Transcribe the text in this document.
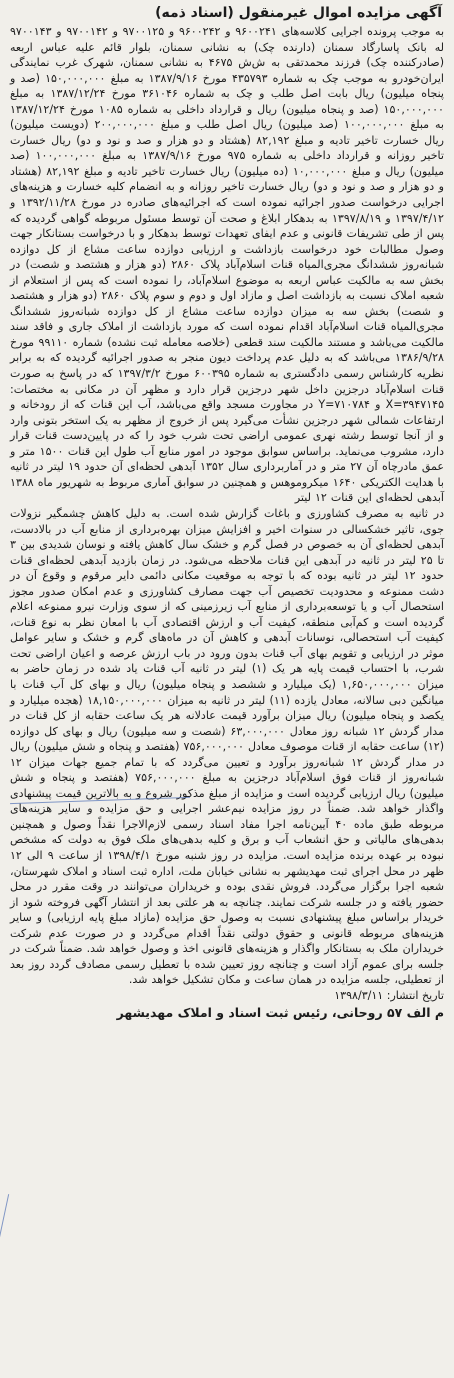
آگهی مزایده اموال غیرمنقول (اسناد ذمه)

به موجب پرونده اجرایی کلاسه‌های ۹۶۰۰۲۴۱ و ۹۶۰۰۲۴۲ و ۹۷۰۰۱۲۵ و ۹۷۰۰۱۴۲ و ۹۷۰۰۱۴۳ له بانک پاسارگاد سمنان (دارنده چک) به نشانی سمنان، بلوار قائم علیه عباس اربعه (صادرکننده چک) فرزند محمدتقی به ش‌ش ۴۶۷۵ به نشانی سمنان، شهرک غرب نمایندگی ایران‌خودرو به موجب چک به شماره ۴۳۵۷۹۳ مورخ ۱۳۸۷/۹/۱۶ به مبلغ ۱۵۰,۰۰۰,۰۰۰ (صد و پنجاه میلیون) ریال بابت اصل طلب و چک به شماره ۳۶۱۰۴۶ مورخ ۱۳۸۷/۱۲/۲۴ به مبلغ ۱۵۰,۰۰۰,۰۰۰ (صد و پنجاه میلیون) ریال و قرارداد داخلی به شماره ۱۰۸۵ مورخ ۱۳۸۷/۱۲/۲۴ به مبلغ ۱۰۰,۰۰۰,۰۰۰ (صد میلیون) ریال اصل طلب و مبلغ ۲۰۰,۰۰۰,۰۰۰ (دویست میلیون) ریال خسارت تاخیر تادیه و مبلغ ۸۲,۱۹۲ (هشتاد و دو هزار و صد و نود و دو) ریال خسارت تاخیر روزانه و قرارداد داخلی به شماره ۹۷۵ مورخ ۱۳۸۷/۹/۱۶ به مبلغ ۱۰۰,۰۰۰,۰۰۰ (صد میلیون) ریال و مبلغ ۱۰,۰۰۰,۰۰۰ (ده میلیون) ریال خسارت تاخیر تادیه و مبلغ ۸۲,۱۹۲ (هشتاد و دو هزار و صد و نود و دو) ریال خسارت تاخیر روزانه و به انضمام کلیه خسارت و هزینه‌های اجرایی درخواست صدور اجرائیه نموده است که اجرائیه‌های صادره در مورخ ۱۳۹۲/۱۱/۲۸ و ۱۳۹۷/۴/۱۲ و ۱۳۹۷/۸/۱۹ به بدهکار ابلاغ و صحت آن توسط مسئول مربوطه گواهی گردیده که پس از طی تشریفات قانونی و عدم ایفای تعهدات توسط بدهکار و با درخواست بستانکار جهت وصول مطالبات خود درخواست بازداشت و ارزیابی دوازده ساعت مشاع از کل دوازده شبانه‌روز ششدانگ مجری‌المیاه قنات اسلام‌آباد پلاک ۲۸۶۰ (دو هزار و هشتصد و شصت) در بخش سه به مالکیت عباس اربعه به موضوع اسلام‌آباد، را نموده است که پس از استعلام از شعبه املاک نسبت به بازداشت اصل و مازاد اول و دوم و سوم پلاک ۲۸۶۰ (دو هزار و هشتصد و شصت) بخش سه به میزان دوازده ساعت مشاع از کل دوازده شبانه‌روز ششدانگ مجری‌المیاه قنات اسلام‌آباد اقدام نموده است که مورد بازداشت از املاک جاری و فاقد سند مالکیت می‌باشد و مستند مالکیت سند قطعی (خلاصه معامله ثبت نشده) شماره ۹۹۱۱۰ مورخ ۱۳۸۶/۹/۲۸ می‌باشد که به دلیل عدم پرداخت دیون منجر به صدور اجرائیه گردیده که به برابر نظریه کارشناس رسمی دادگستری به شماره ۶۰۰۳۹۵ مورخ ۱۳۹۷/۳/۲ که در پاسخ به صورت قنات اسلام‌آباد درجزین داخل شهر درجزین قرار دارد و مظهر آن در مکانی به مختصات: X=۳۹۴۷۱۴۵ و Y=۷۱۰۷۸۴ در مجاورت مسجد واقع می‌باشد، آب این قنات که از رودخانه و ارتفاعات شمالی شهر درجزین نشأت می‌گیرد پس از خروج از مظهر به یک استخر بتونی وارد و از آنجا توسط رشته نهری عمومی اراضی تحت شرب خود را که در پایین‌دست قنات قرار دارد، مشروب می‌نماید. براساس سوابق موجود در امور منابع آب طول این قنات ۱۵۰۰ متر و عمق مادرچاه آن ۲۷ متر و در آماربرداری سال ۱۳۵۲ آبدهی لحظه‌ای آن حدود ۱۹ لیتر در ثانیه با هدایت الکتریکی ۱۶۴۰ میکروموهس و همچنین در سوابق آماری مربوط به شهریور ماه ۱۳۸۸ آبدهی لحظه‌ای این قنات ۱۲ لیتر

در ثانیه به مصرف کشاورزی و باغات گزارش شده است. به دلیل کاهش چشمگیر نزولات جوی، تاثیر خشکسالی در سنوات اخیر و افزایش میزان بهره‌برداری از منابع آب در بالادست، آبدهی لحظه‌ای آن به خصوص در فصل گرم و خشک سال کاهش یافته و نوسان شدیدی بین ۳ تا ۲۵ لیتر در ثانیه در آبدهی این قنات ملاحظه می‌شود. در زمان بازدید آبدهی لحظه‌ای قنات حدود ۱۲ لیتر در ثانیه بوده که با توجه به موقعیت مکانی دائمی دایر مرقوم و وقوع آن در دشت ممنوعه و محدودیت تخصیص آب جهت مصارف کشاورزی و عدم امکان صدور مجوز استحصال آب و یا توسعه‌برداری از منابع آب زیرزمینی که از سوی وزارت نیرو ممنوعه اعلام گردیده است و کم‌آبی منطقه، کیفیت آب و ارزش اقتصادی آب با امعان نظر به نوع قنات، کیفیت آب استحصالی، نوسانات آبدهی و کاهش آن در ماه‌های گرم و خشک و سایر عوامل موثر در ارزیابی و تقویم بهای آب قنات بدون ورود در باب ارزش عرصه و اعیان اراضی تحت شرب، با احتساب قیمت پایه هر یک (۱) لیتر در ثانیه آب قنات یاد شده در زمان حاضر به میزان ۱,۶۵۰,۰۰۰,۰۰۰ (یک میلیارد و ششصد و پنجاه میلیون) ریال و بهای کل آب قنات با میانگین دبی سالانه، معادل یازده (۱۱) لیتر در ثانیه به میزان ۱۸,۱۵۰,۰۰۰,۰۰۰ (هجده میلیارد و یکصد و پنجاه میلیون) ریال میزان برآورد قیمت عادلانه هر یک ساعت حقابه از کل قنات در مدار گردش ۱۲ شبانه روز معادل ۶۳,۰۰۰,۰۰۰ (شصت و سه میلیون) ریال و بهای کل دوازده (۱۲) ساعت حقابه از قنات موصوف معادل ۷۵۶,۰۰۰,۰۰۰ (هفتصد و پنجاه و شش میلیون) ریال در مدار گردش ۱۲ شبانه‌روز برآورد و تعیین می‌گردد که با تمام جمیع جهات میزان ۱۲ شبانه‌روز از قنات فوق اسلام‌آباد درجزین به مبلغ ۷۵۶,۰۰۰,۰۰۰ (هفتصد و پنجاه و شش میلیون) ریال ارزیابی گردیده است و مزایده از مبلغ مذکور شروع و به بالاترین قیمت پیشنهادی واگذار خواهد شد. ضمناً در روز مزایده نیم‌عشر اجرایی و حق مزایده و سایر هزینه‌های مربوطه طبق ماده ۴۰ آیین‌نامه اجرا مفاد اسناد رسمی لازم‌الاجرا نقداً وصول و همچنین بدهی‌های مالیاتی و حق انشعاب آب و برق و کلیه بدهی‌های ملک فوق به دولت که مشخص نبوده بر عهده برنده مزایده است. مزایده در روز شنبه مورخ ۱۳۹۸/۴/۱ از ساعت ۹ الی ۱۲ ظهر در محل اجرای ثبت مهدیشهر به نشانی خیابان ملت، اداره ثبت اسناد و املاک شهرستان، شعبه اجرا برگزار می‌گردد. فروش نقدی بوده و خریداران می‌توانند در وقت مقرر در محل حضور یافته و در جلسه شرکت نمایند. چنانچه به هر علتی بعد از انتشار آگهی فروخته شود از خریدار براساس مبلغ پیشنهادی نسبت به وصول حق مزایده (مازاد مبلغ پایه ارزیابی) و سایر هزینه‌های مربوطه قانونی و حقوق دولتی نقداً اقدام می‌گردد و در صورت عدم شرکت خریداران ملک به بستانکار واگذار و هزینه‌های قانونی اخذ و وصول خواهد شد. ضمناً شرکت در جلسه برای عموم آزاد است و چنانچه روز تعیین شده با تعطیل رسمی مصادف گردد روز بعد از تعطیلی، جلسه مزایده در همان ساعت و مکان تشکیل خواهد شد.

تاریخ انتشار: ۱۳۹۸/۳/۱۱
م الف ۵۷ روحانی، رئیس ثبت اسناد و املاک مهدیشهر
